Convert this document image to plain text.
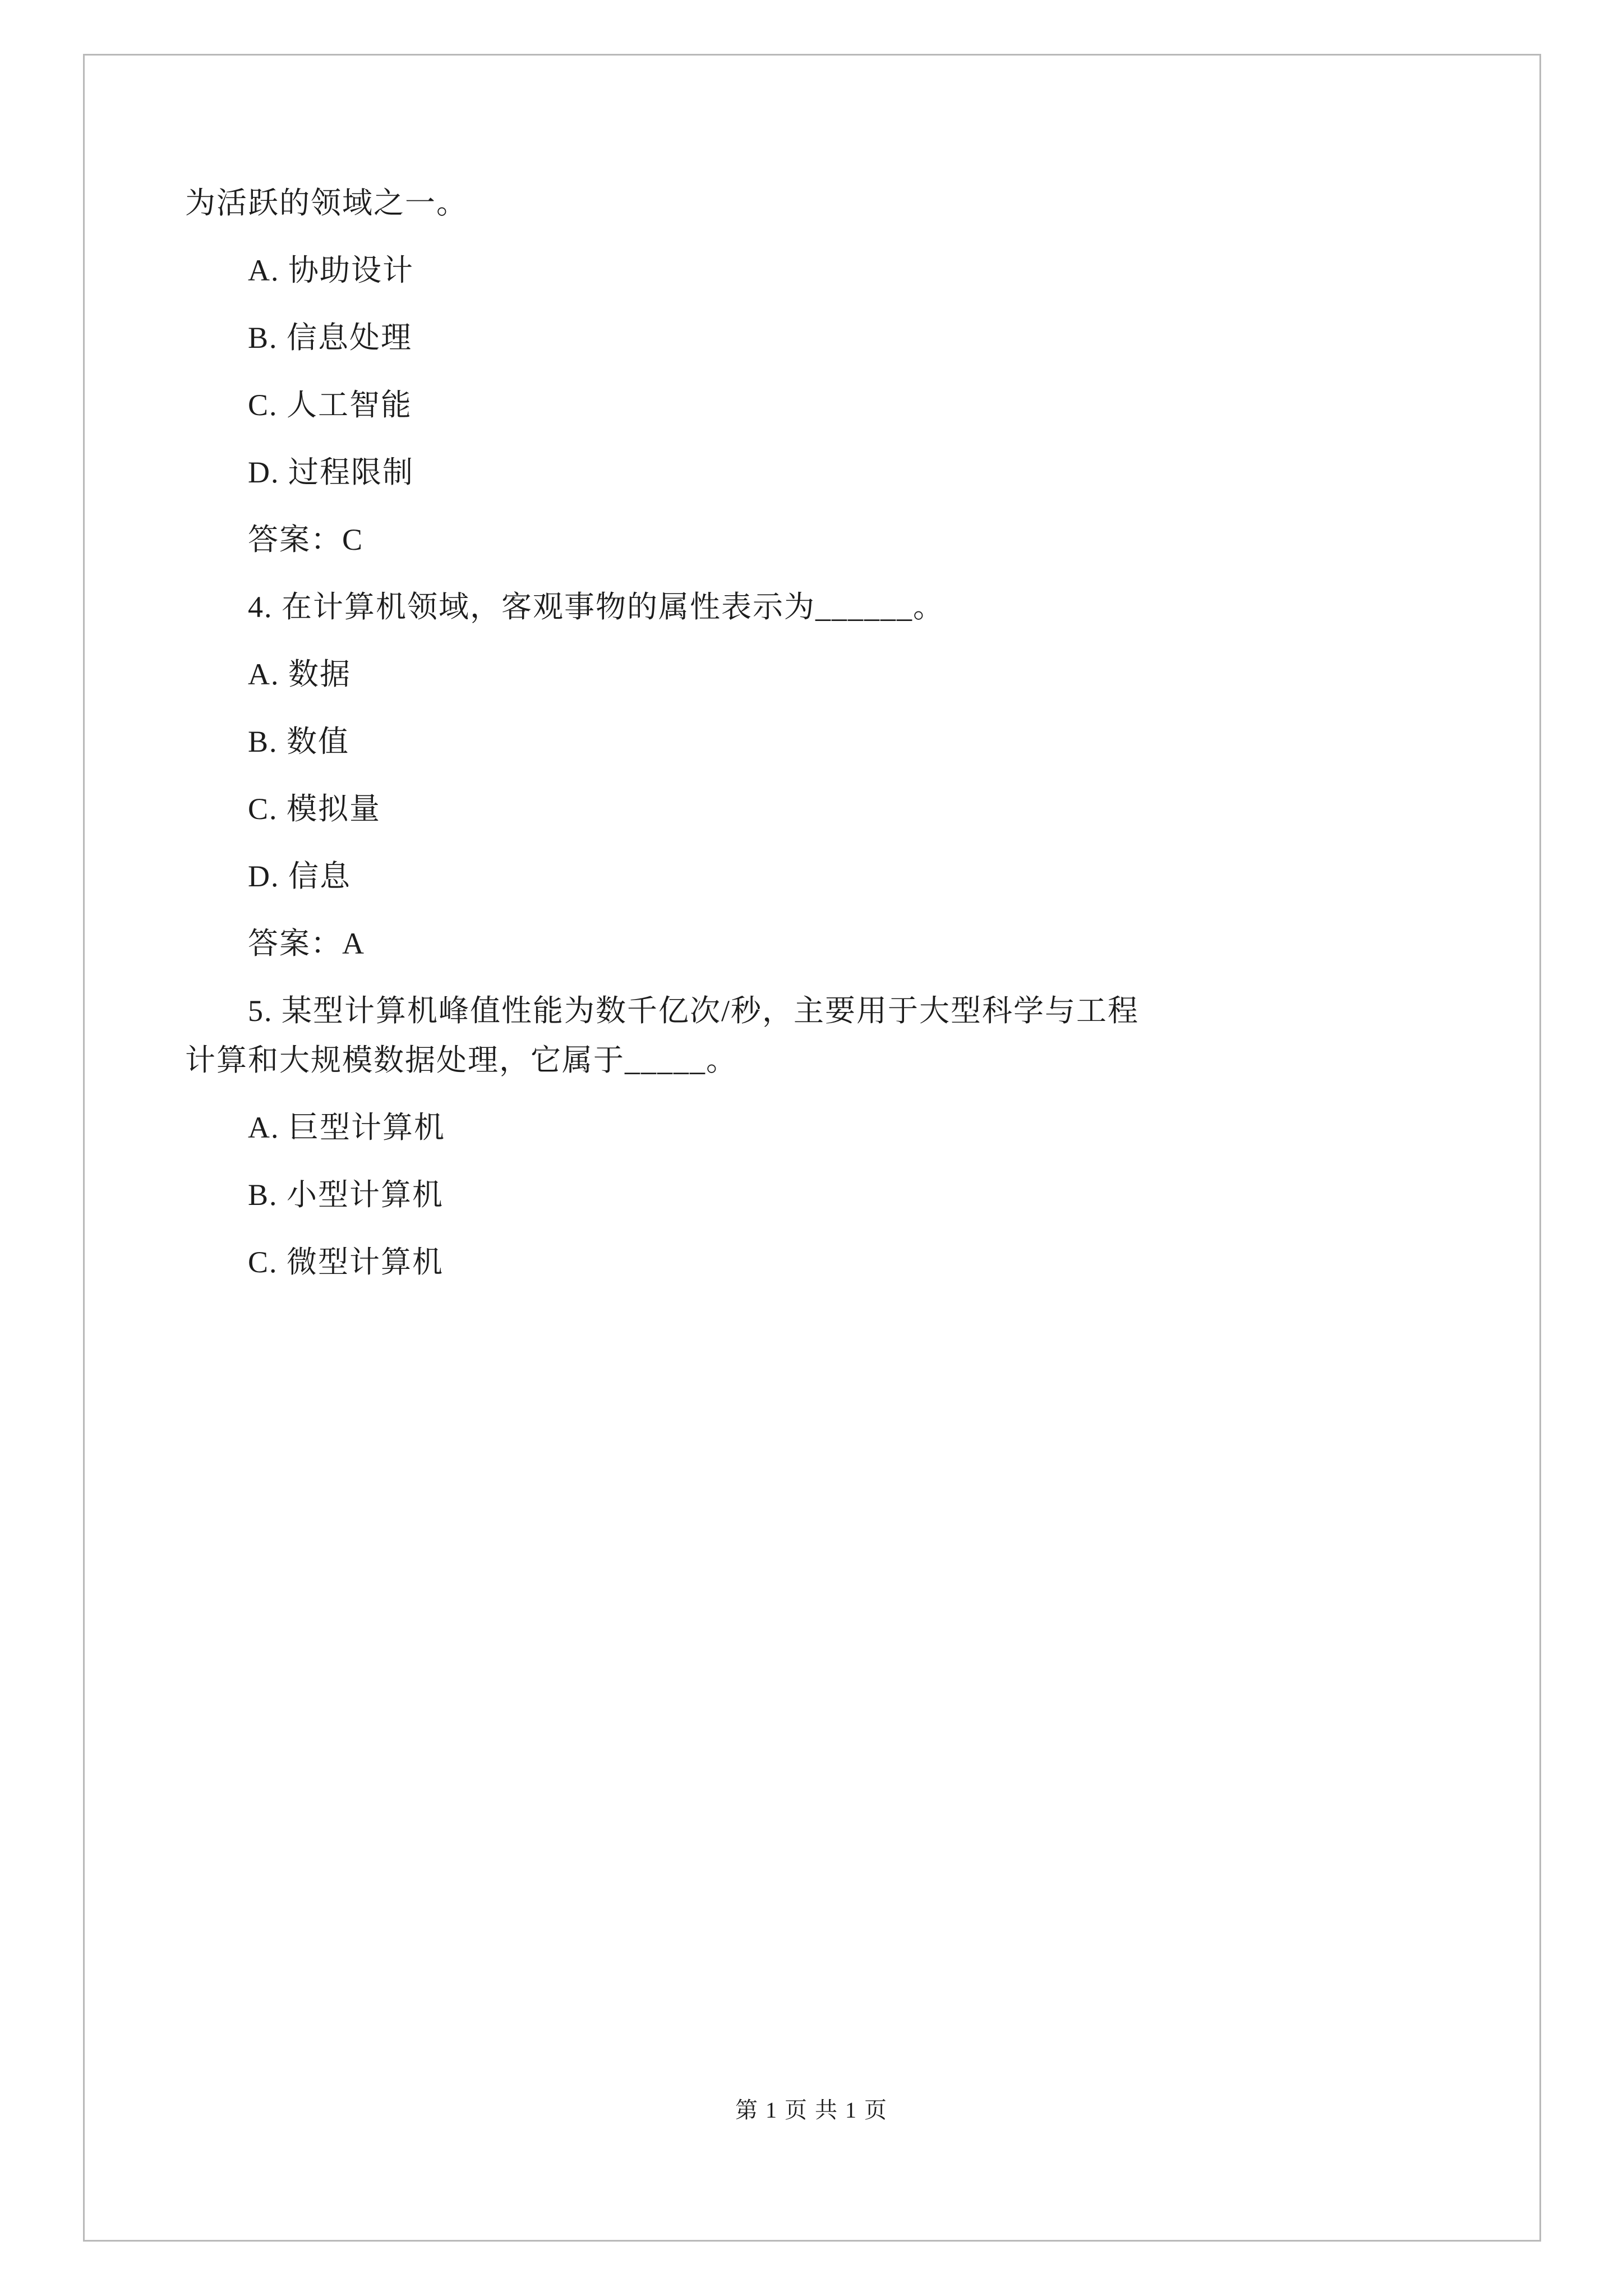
为活跃的领域之一。

A. 协助设计

B. 信息处理

C. 人工智能

D. 过程限制

答案：C

4. 在计算机领域，客观事物的属性表示为______。

A. 数据

B. 数值

C. 模拟量

D. 信息

答案：A

5. 某型计算机峰值性能为数千亿次/秒，主要用于大型科学与工程

计算和大规模数据处理，它属于_____。

A. 巨型计算机

B. 小型计算机

C. 微型计算机

第 1 页 共 1 页
